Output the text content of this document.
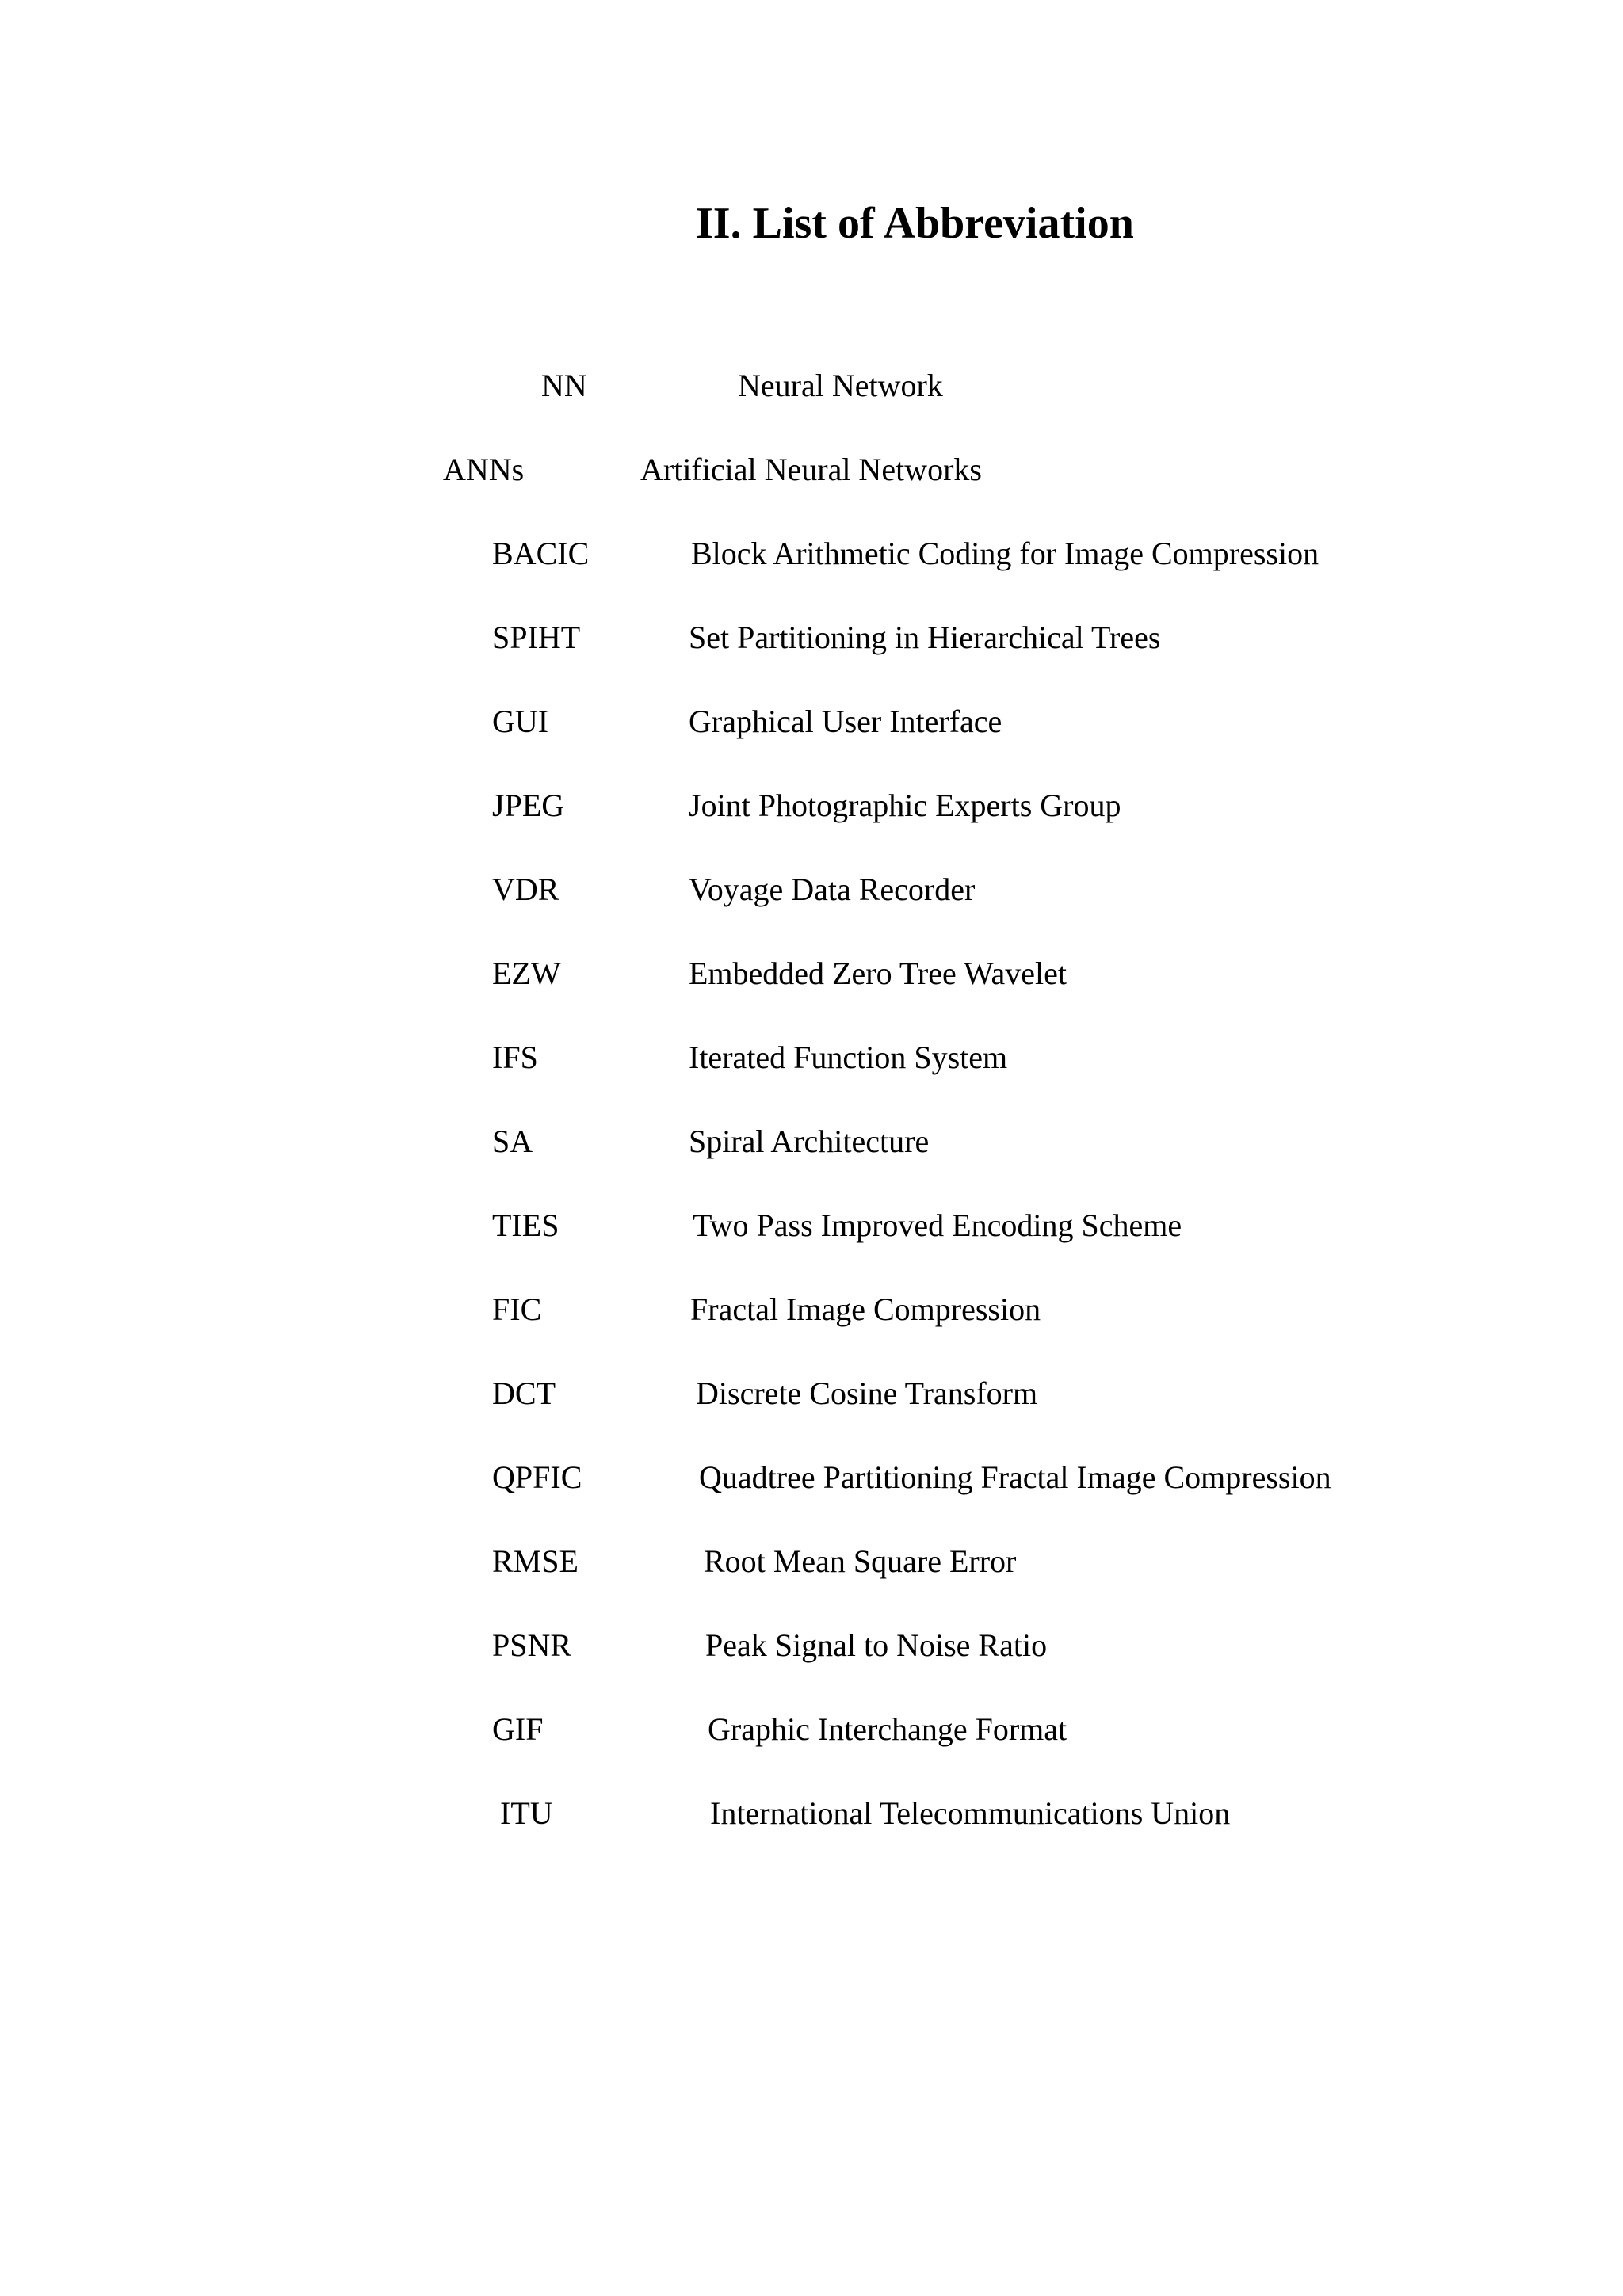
II. List of Abbreviation
NN	Neural Network
ANNs	Artificial Neural Networks
BACIC	Block Arithmetic Coding for Image Compression
SPIHT	Set Partitioning in Hierarchical Trees
GUI	Graphical User Interface
JPEG	Joint Photographic Experts Group
VDR	Voyage Data Recorder
EZW	Embedded Zero Tree Wavelet
IFS	Iterated Function System
SA	Spiral Architecture
TIES	Two Pass Improved Encoding Scheme
FIC	Fractal Image Compression
DCT	Discrete Cosine Transform
QPFIC	Quadtree Partitioning Fractal Image Compression
RMSE	Root Mean Square Error
PSNR	Peak Signal to Noise Ratio
GIF	Graphic Interchange Format
ITU	International Telecommunications Union
